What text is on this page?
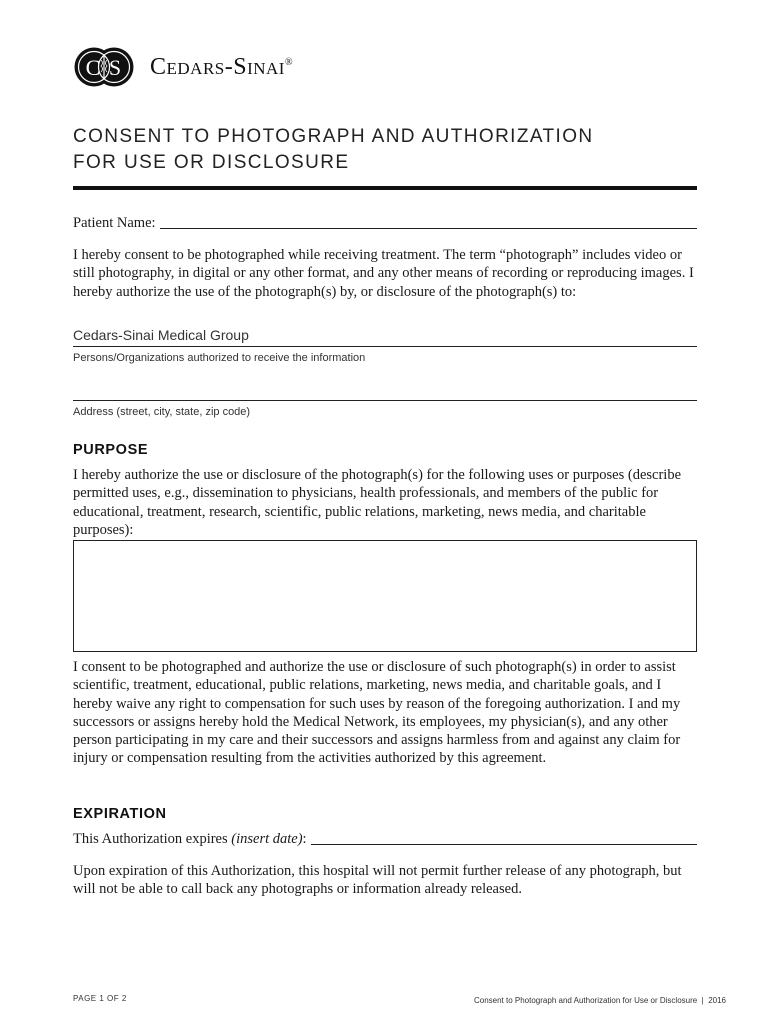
C S Cedars-Sinai®
CONSENT TO PHOTOGRAPH AND AUTHORIZATION
FOR USE OR DISCLOSURE
Patient Name:
I hereby consent to be photographed while receiving treatment. The term “photograph” includes video or still photography, in digital or any other format, and any other means of recording or reproducing images. I hereby authorize the use of the photograph(s) by, or disclosure of the photograph(s) to:
Cedars-Sinai Medical Group
Persons/Organizations authorized to receive the information
Address (street, city, state, zip code)
PURPOSE
I hereby authorize the use or disclosure of the photograph(s) for the following uses or purposes (describe permitted uses, e.g., dissemination to physicians, health professionals, and members of the public for educational, treatment, research, scientific, public relations, marketing, news media, and charitable purposes):
I consent to be photographed and authorize the use or disclosure of such photograph(s) in order to assist scientific, treatment, educational, public relations, marketing, news media, and charitable goals, and I hereby waive any right to compensation for such uses by reason of the foregoing authorization. I and my successors or assigns hereby hold the Medical Network, its employees, my physician(s), and any other person participating in my care and their successors and assigns harmless from and against any claim for injury or compensation resulting from the activities authorized by this agreement.
EXPIRATION
This Authorization expires (insert date):
Upon expiration of this Authorization, this hospital will not permit further release of any photograph, but will not be able to call back any photographs or information already released.
PAGE 1 OF 2	Consent to Photograph and Authorization for Use or Disclosure  |  2016
